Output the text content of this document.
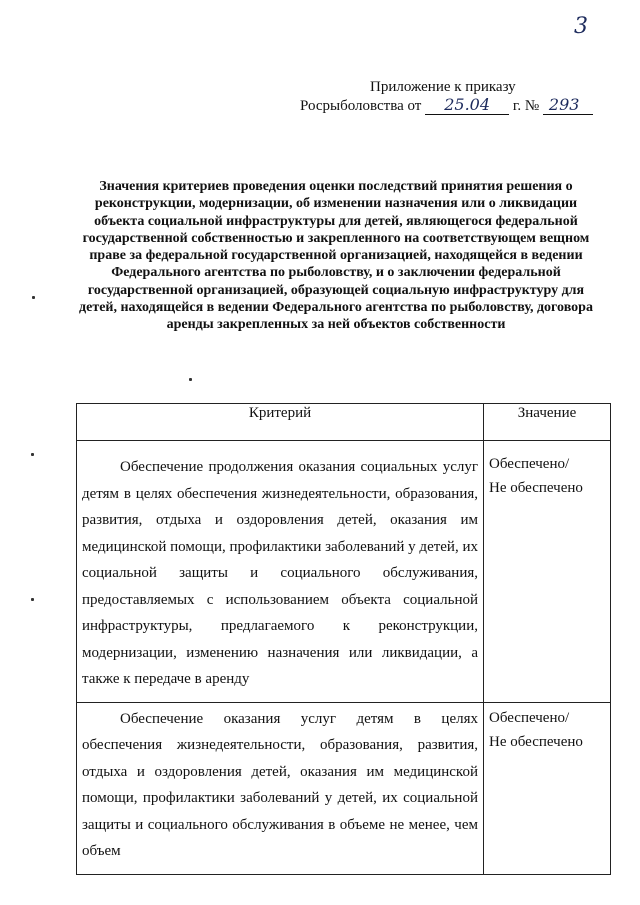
3
Приложение к приказу
Росрыболовства от 25.04 г. № 293
Значения критериев проведения оценки последствий принятия решения о реконструкции, модернизации, об изменении назначения или о ликвидации объекта социальной инфраструктуры для детей, являющегося федеральной государственной собственностью и закрепленного на соответствующем вещном праве за федеральной государственной организацией, находящейся в ведении Федерального агентства по рыболовству, и о заключении федеральной государственной организацией, образующей социальную инфраструктуру для детей, находящейся в ведении Федерального агентства по рыболовству, договора аренды закрепленных за ней объектов собственности
Критерий	Значение

Обеспечение продолжения оказания социальных услуг детям в целях обеспечения жизнедеятельности, образования, развития, отдыха и оздоровления детей, оказания им медицинской помощи, профилактики заболеваний у детей, их социальной защиты и социального обслуживания, предоставляемых с использованием объекта социальной инфраструктуры, предлагаемого к реконструкции, модернизации, изменению назначения или ликвидации, а также к передаче в аренду	Обеспечено/
Не обеспечено

Обеспечение оказания услуг детям в целях обеспечения жизнедеятельности, образования, развития, отдыха и оздоровления детей, оказания им медицинской помощи, профилактики заболеваний у детей, их социальной защиты и социального обслуживания в объеме не менее, чем объем	Обеспечено/
Не обеспечено
